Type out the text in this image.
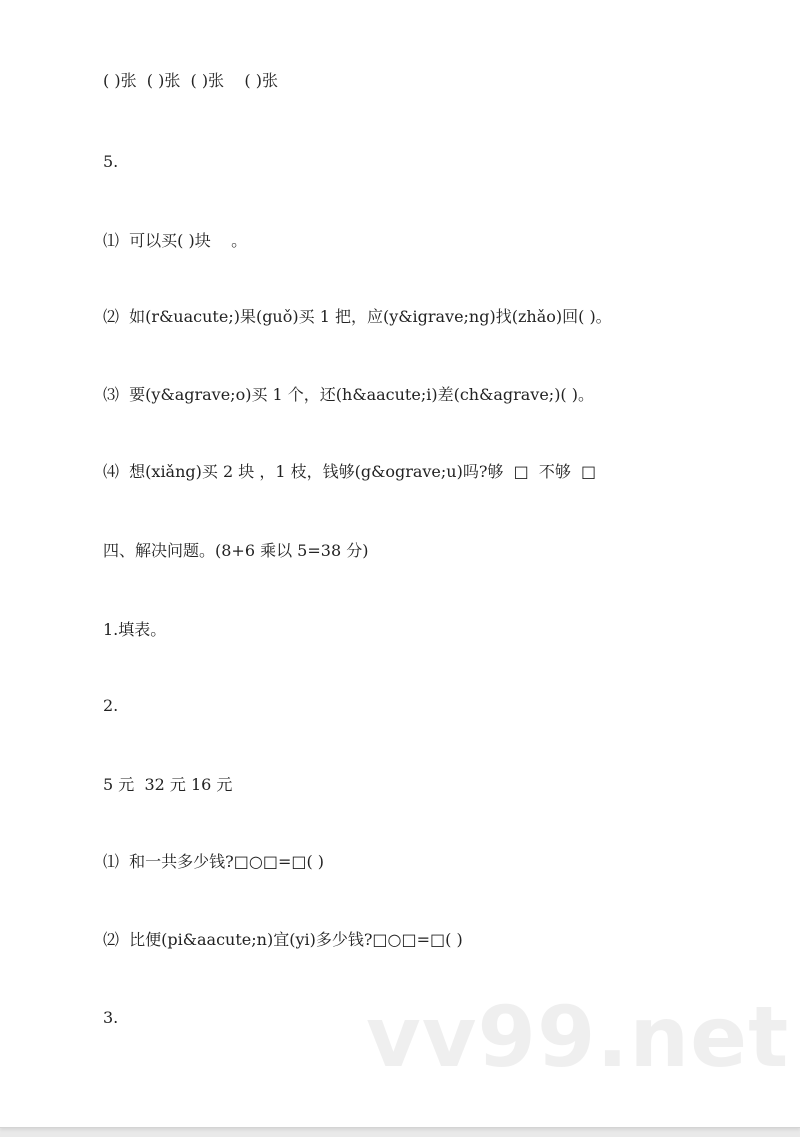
( )张  ( )张  ( )张    ( )张
5.
⑴  可以买( )块    。
⑵  如(r&uacute;)果(guǒ)买 1 把，应(y&igrave;ng)找(zhǎo)回( )。
⑶  要(y&agrave;o)买 1 个，还(h&aacute;i)差(ch&agrave;)( )。
⑷  想(xiǎng)买 2 块 ，1 枝，钱够(g&ograve;u)吗?够  □  不够  □
四、解决问题。(8+6 乘以 5=38 分)
1.填表。
2.
5 元  32 元 16 元
⑴  和一共多少钱?□○□=□( )
⑵  比便(pi&aacute;n)宜(yi)多少钱?□○□=□( )
3.	vv99.net
